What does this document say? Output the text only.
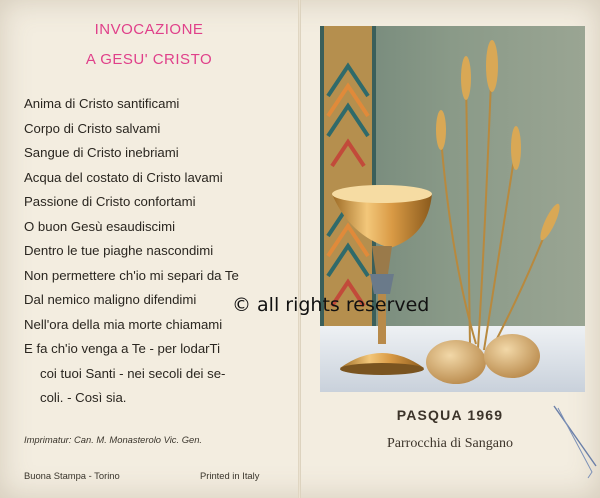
INVOCAZIONE
A GESU' CRISTO
Anima di Cristo santificami
Corpo di Cristo salvami
Sangue di Cristo inebriami
Acqua del costato di Cristo lavami
Passione di Cristo confortami
O buon Gesù esaudiscimi
Dentro le tue piaghe nascondimi
Non permettere ch'io mi separi da Te
Dal nemico maligno difendimi
Nell'ora della mia morte chiamami
E fa ch'io venga a Te - per lodarTi
coi tuoi Santi - nei secoli dei se-
coli. - Così sia.
Imprimatur: Can. M. Monasterolo Vic. Gen.
Buona Stampa - Torino	Printed in Italy
PASQUA 1969
Parrocchia di Sangano
© all rights reserved
